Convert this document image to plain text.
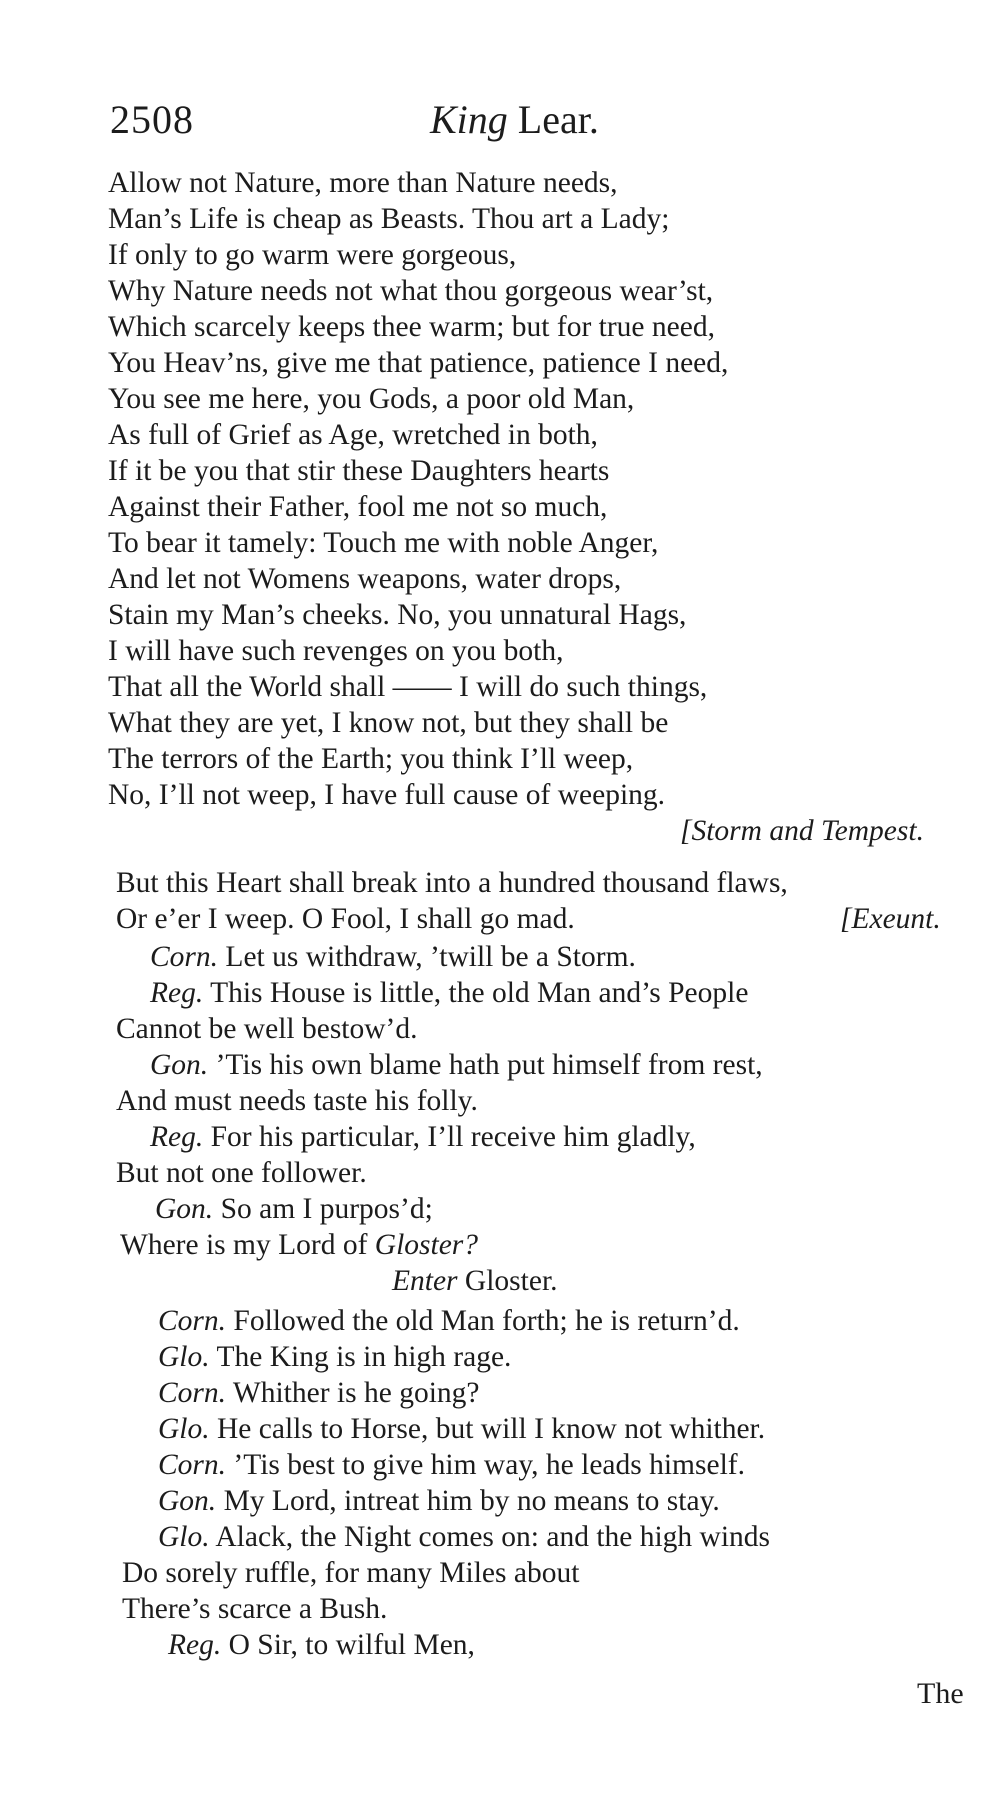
2508	King Lear.
Allow not Nature, more than Nature needs,
Man’s Life is cheap as Beasts. Thou art a Lady;
If only to go warm were gorgeous,
Why Nature needs not what thou gorgeous wear’st,
Which scarcely keeps thee warm; but for true need,
You Heav’ns, give me that patience, patience I need,
You see me here, you Gods, a poor old Man,
As full of Grief as Age, wretched in both,
If it be you that stir these Daughters hearts
Against their Father, fool me not so much,
To bear it tamely: Touch me with noble Anger,
And let not Womens weapons, water drops,
Stain my Man’s cheeks. No, you unnatural Hags,
I will have such revenges on you both,
That all the World shall —— I will do such things,
What they are yet, I know not, but they shall be
The terrors of the Earth; you think I’ll weep,
No, I’ll not weep, I have full cause of weeping.
[Storm and Tempest.
But this Heart shall break into a hundred thousand flaws,
Or e’er I weep. O Fool, I shall go mad.	[Exeunt.
Corn. Let us withdraw, ’twill be a Storm.
Reg. This House is little, the old Man and’s People
Cannot be well bestow’d.
Gon. ’Tis his own blame hath put himself from rest,
And must needs taste his folly.
Reg. For his particular, I’ll receive him gladly,
But not one follower.
Gon. So am I purpos’d;
Where is my Lord of Gloster?
Enter Gloster.
Corn. Followed the old Man forth; he is return’d.
Glo. The King is in high rage.
Corn. Whither is he going?
Glo. He calls to Horse, but will I know not whither.
Corn. ’Tis best to give him way, he leads himself.
Gon. My Lord, intreat him by no means to stay.
Glo. Alack, the Night comes on: and the high winds
Do sorely ruffle, for many Miles about
There’s scarce a Bush.
Reg. O Sir, to wilful Men,
The
